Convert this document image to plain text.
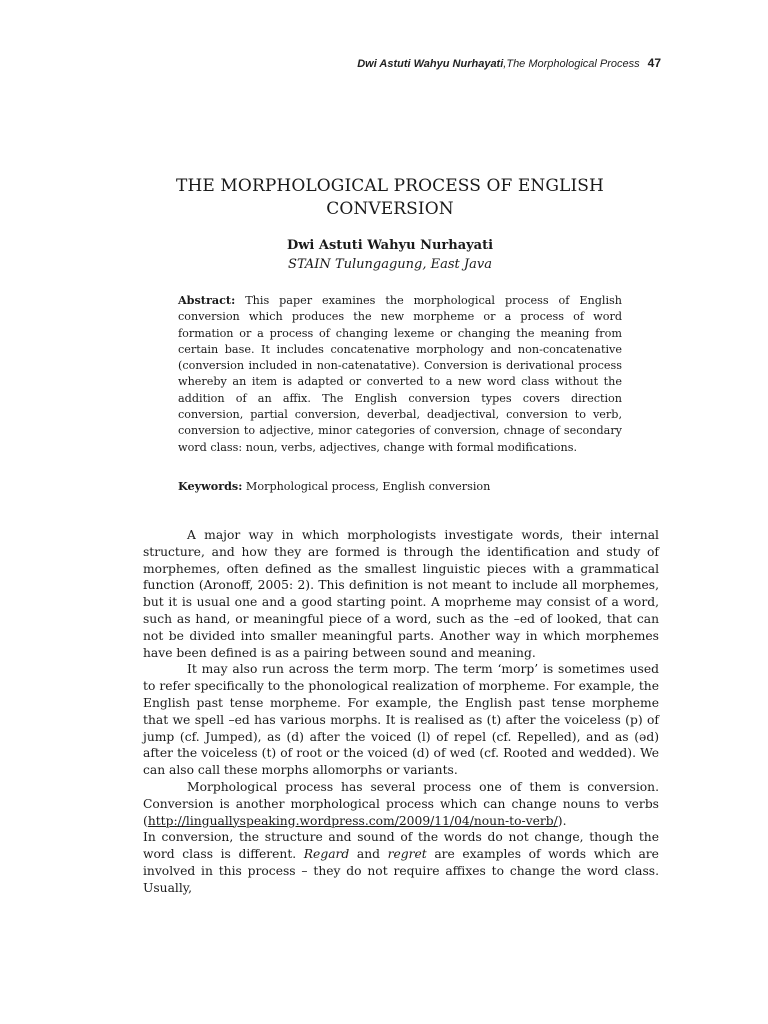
Dwi Astuti Wahyu Nurhayati,The Morphological Process 47
THE MORPHOLOGICAL PROCESS OF ENGLISH
CONVERSION
Dwi Astuti Wahyu Nurhayati
STAIN Tulungagung, East Java

Abstract: This paper examines the morphological process of English conversion which produces the new morpheme or a process of word formation or a process of changing lexeme or changing the meaning from certain base. It includes concatenative morphology and non-concatenative (conversion included in non-catenatative). Conversion is derivational process whereby an item is adapted or converted to a new word class without the addition of an affix. The English conversion types covers direction conversion, partial conversion, deverbal, deadjectival, conversion to verb, conversion to adjective, minor categories of conversion, chnage of secondary word class: noun, verbs, adjectives, change with formal modifications.

Keywords: Morphological process, English conversion

A major way in which morphologists investigate words, their internal structure, and how they are formed is through the identification and study of morphemes, often defined as the smallest linguistic pieces with a grammatical function (Aronoff, 2005: 2). This definition is not meant to include all morphemes, but it is usual one and a good starting point. A moprheme may consist of a word, such as hand, or meaningful piece of a word, such as the –ed of looked, that can not be divided into smaller meaningful parts. Another way in which morphemes have been defined is as a pairing between sound and meaning.

It may also run across the term morp. The term ‘morp’ is sometimes used to refer specifically to the phonological realization of morpheme. For example, the English past tense morpheme. For example, the English past tense morpheme that we spell –ed has various morphs. It is realised as (t) after the voiceless (p) of jump (cf. Jumped), as (d) after the voiced (l) of repel (cf. Repelled), and as (əd) after the voiceless (t) of root or the voiced (d) of wed (cf. Rooted and wedded). We can also call these morphs allomorphs or variants.

Morphological process has several process one of them is conversion. Conversion is another morphological process which can change nouns to verbs (http://linguallyspeaking.wordpress.com/2009/11/04/noun-to-verb/).In conversion, the structure and sound of the words do not change, though the word class is different. Regard and regret are examples of words which are involved in this process – they do not require affixes to change the word class. Usually,
